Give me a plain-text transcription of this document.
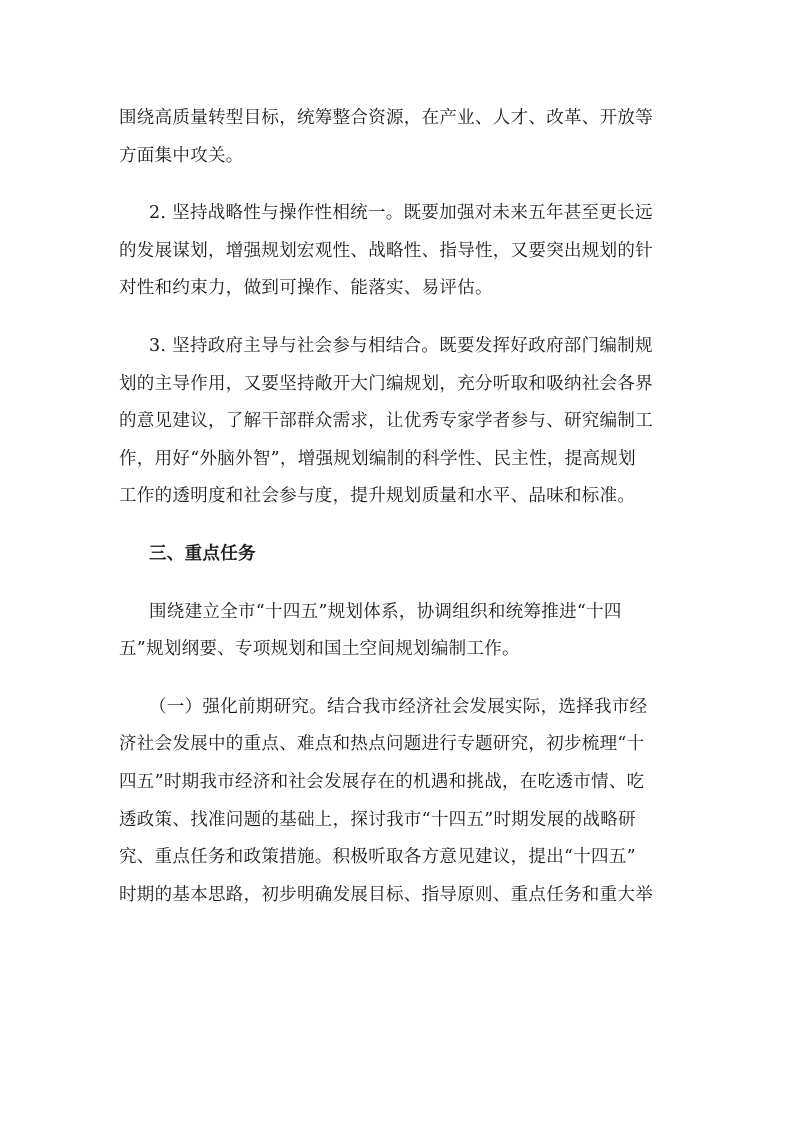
围绕高质量转型目标，统筹整合资源，在产业、人才、改革、开放等
方面集中攻关。
2. 坚持战略性与操作性相统一。既要加强对未来五年甚至更长远
的发展谋划，增强规划宏观性、战略性、指导性，又要突出规划的针
对性和约束力，做到可操作、能落实、易评估。
3. 坚持政府主导与社会参与相结合。既要发挥好政府部门编制规
划的主导作用，又要坚持敞开大门编规划，充分听取和吸纳社会各界
的意见建议，了解干部群众需求，让优秀专家学者参与、研究编制工
作，用好“外脑外智”，增强规划编制的科学性、民主性，提高规划
工作的透明度和社会参与度，提升规划质量和水平、品味和标准。
三、重点任务
围绕建立全市“十四五”规划体系，协调组织和统筹推进“十四
五”规划纲要、专项规划和国土空间规划编制工作。
（一）强化前期研究。结合我市经济社会发展实际，选择我市经
济社会发展中的重点、难点和热点问题进行专题研究，初步梳理“十
四五”时期我市经济和社会发展存在的机遇和挑战，在吃透市情、吃
透政策、找准问题的基础上，探讨我市“十四五”时期发展的战略研
究、重点任务和政策措施。积极听取各方意见建议，提出“十四五”
时期的基本思路，初步明确发展目标、指导原则、重点任务和重大举
